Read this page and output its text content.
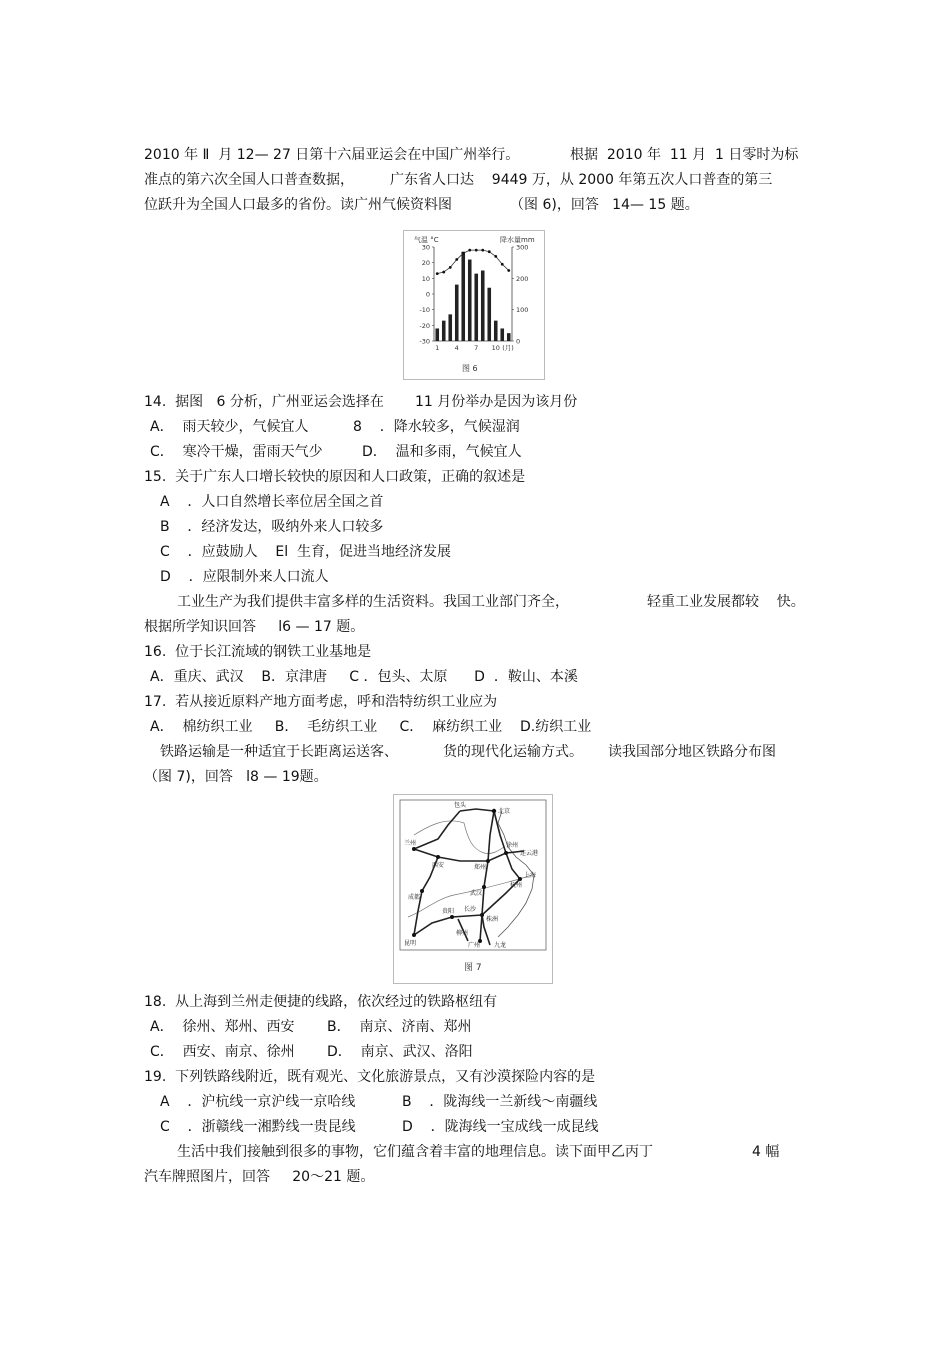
2010 年 Ⅱ  月 12— 27 日第十六届亚运会在中国广州举行。	根据  2010 年  11 月  1 日零时为标
准点的第六次全国人口普查数据，	广东省人口达    9449 万，从 2000 年第五次人口普查的第三
位跃升为全国人口最多的省份。读广州气候资料图	（图 6)，回答   14— 15 题。
气温 °C	降水量mm
图 6
30
20
10
0
-10
-20
-30
300
200
100
0
1 4 7 10 (月)
14.  据图   6 分析，广州亚运会选择在       11 月份举办是因为该月份
A．  雨天较少，气候宜人	8    ．降水较多，气候湿润
C．  寒冷干燥，雷雨天气少	D．  温和多雨，气候宜人
15.  关于广东人口增长较快的原因和人口政策，正确的叙述是
A    ．人口自然增长率位居全国之首
B    ．经济发达，吸纳外来人口较多
C    ．应鼓励人    El  生育，促进当地经济发展
D    ．应限制外来人口流人
工业生产为我们提供丰富多样的生活资料。我国工业部门齐全，	轻重工业发展都较    快。
根据所学知识回答     l6 — 17 题。
16.  位于长江流域的钢铁工业基地是
A．重庆、武汉    B．京津唐     C ．包头、太原      D  ．鞍山、本溪
17.  若从接近原料产地方面考虑，呼和浩特纺织工业应为
A．  棉纺织工业     B．  毛纺织工业     C．  麻纺织工业    D.纺织工业
铁路运输是一种适宜于长距离运送客、	货的现代化运输方式。 读我国部分地区铁路分布图
（图 7)，回答   l8 — 19题。
北京
包头
兰州
郑州
徐州
连云港
西安
上海
杭州
成都
武汉
长沙
贵阳
昆明
柳州
广州 九龙
株洲
图 7
18.  从上海到兰州走便捷的线路，依次经过的铁路枢纽有
A．  徐州、郑州、西安 B．  南京、济南、郑州
C．  西安、南京、徐州 D．  南京、武汉、洛阳
19.  下列铁路线附近，既有观光、文化旅游景点，又有沙漠探险内容的是
A    ．沪杭线一京沪线一京哈线	B    ．陇海线一兰新线～南疆线
C    ．浙赣线一湘黔线一贵昆线	D    ．陇海线一宝成线一成昆线
生活中我们接触到很多的事物，它们蕴含着丰富的地理信息。读下面甲乙丙丁	4 幅
汽车牌照图片，回答     20～21 题。
